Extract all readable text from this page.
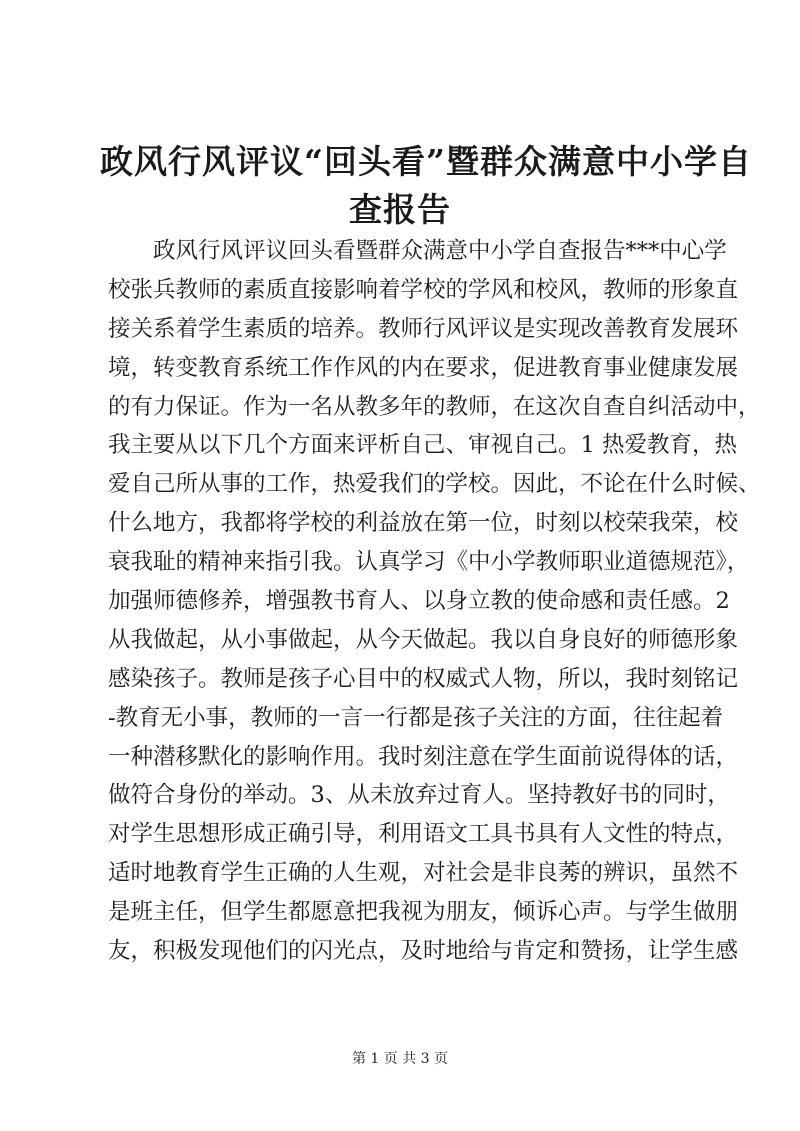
政风行风评议“回头看”暨群众满意中小学自
查报告
　　政风行风评议回头看暨群众满意中小学自查报告***中心学
校张兵教师的素质直接影响着学校的学风和校风，教师的形象直
接关系着学生素质的培养。教师行风评议是实现改善教育发展环
境，转变教育系统工作作风的内在要求，促进教育事业健康发展
的有力保证。作为一名从教多年的教师，在这次自查自纠活动中，
我主要从以下几个方面来评析自己、审视自己。1 热爱教育，热
爱自己所从事的工作，热爱我们的学校。因此，不论在什么时候、
什么地方，我都将学校的利益放在第一位，时刻以校荣我荣，校
衰我耻的精神来指引我。认真学习《中小学教师职业道德规范》，
加强师德修养，增强教书育人、以身立教的使命感和责任感。2
从我做起，从小事做起，从今天做起。我以自身良好的师德形象
感染孩子。教师是孩子心目中的权威式人物，所以，我时刻铭记
-教育无小事，教师的一言一行都是孩子关注的方面，往往起着
一种潜移默化的影响作用。我时刻注意在学生面前说得体的话，
做符合身份的举动。3、从未放弃过育人。坚持教好书的同时，
对学生思想形成正确引导，利用语文工具书具有人文性的特点，
适时地教育学生正确的人生观，对社会是非良莠的辨识，虽然不
是班主任，但学生都愿意把我视为朋友，倾诉心声。与学生做朋
友，积极发现他们的闪光点，及时地给与肯定和赞扬，让学生感
第 1 页 共 3 页
